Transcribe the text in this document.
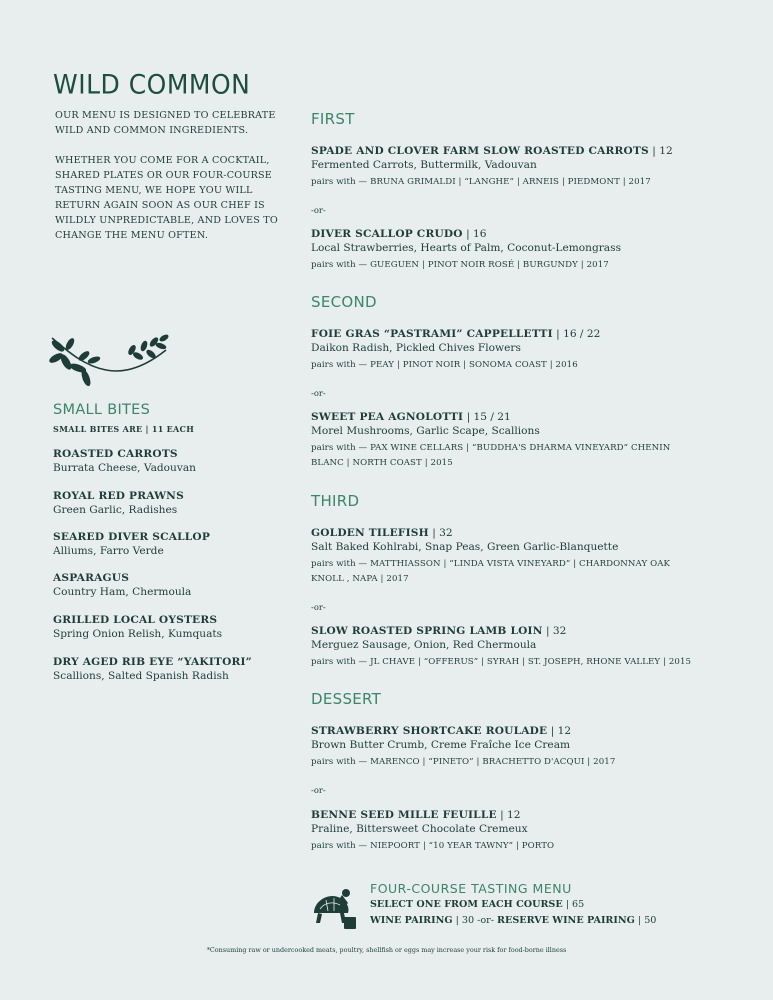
WILD COMMON

OUR MENU IS DESIGNED TO CELEBRATE WILD AND COMMON INGREDIENTS.

WHETHER YOU COME FOR A COCKTAIL, SHARED PLATES OR OUR FOUR-COURSE TASTING MENU, WE HOPE YOU WILL RETURN AGAIN SOON AS OUR CHEF IS WILDLY UNPREDICTABLE, AND LOVES TO CHANGE THE MENU OFTEN.

SMALL BITES
SMALL BITES ARE | 11 EACH
ROASTED CARROTS
Burrata Cheese, Vadouvan
ROYAL RED PRAWNS
Green Garlic, Radishes
SEARED DIVER SCALLOP
Alliums, Farro Verde
ASPARAGUS
Country Ham, Chermoula
GRILLED LOCAL OYSTERS
Spring Onion Relish, Kumquats
DRY AGED RIB EYE “YAKITORI”
Scallions, Salted Spanish Radish
FIRST
SPADE AND CLOVER FARM SLOW ROASTED CARROTS | 12
Fermented Carrots, Buttermilk, Vadouvan
pairs with — BRUNA GRIMALDI | “LANGHE” | ARNEIS | PIEDMONT | 2017
-or-
DIVER SCALLOP CRUDO | 16
Local Strawberries, Hearts of Palm, Coconut-Lemongrass
pairs with — GUEGUEN | PINOT NOIR ROSÉ | BURGUNDY | 2017
SECOND
FOIE GRAS “PASTRAMI” CAPPELLETTI | 16 / 22
Daikon Radish, Pickled Chives Flowers
pairs with — PEAY | PINOT NOIR | SONOMA COAST | 2016
-or-
SWEET PEA AGNOLOTTI | 15 / 21
Morel Mushrooms, Garlic Scape, Scallions
pairs with — PAX WINE CELLARS | “BUDDHA'S DHARMA VINEYARD” CHENIN BLANC | NORTH COAST | 2015
THIRD
GOLDEN TILEFISH | 32
Salt Baked Kohlrabi, Snap Peas, Green Garlic-Blanquette
pairs with — MATTHIASSON | “LINDA VISTA VINEYARD” | CHARDONNAY OAK KNOLL , NAPA | 2017
-or-
SLOW ROASTED SPRING LAMB LOIN | 32
Merguez Sausage, Onion, Red Chermoula
pairs with — JL CHAVE | “OFFERUS” | SYRAH | ST. JOSEPH, RHONE VALLEY | 2015
DESSERT
STRAWBERRY SHORTCAKE ROULADE | 12
Brown Butter Crumb, Creme Fraîche Ice Cream
pairs with — MARENCO | “PINETO” | BRACHETTO D'ACQUI | 2017
-or-
BENNE SEED MILLE FEUILLE | 12
Praline, Bittersweet Chocolate Cremeux
pairs with — NIEPOORT | “10 YEAR TAWNY” | PORTO
FOUR-COURSE TASTING MENU
SELECT ONE FROM EACH COURSE | 65
WINE PAIRING | 30 -or- RESERVE WINE PAIRING | 50
*Consuming raw or undercooked meats, poultry, shellfish or eggs may increase your risk for food-borne illness
